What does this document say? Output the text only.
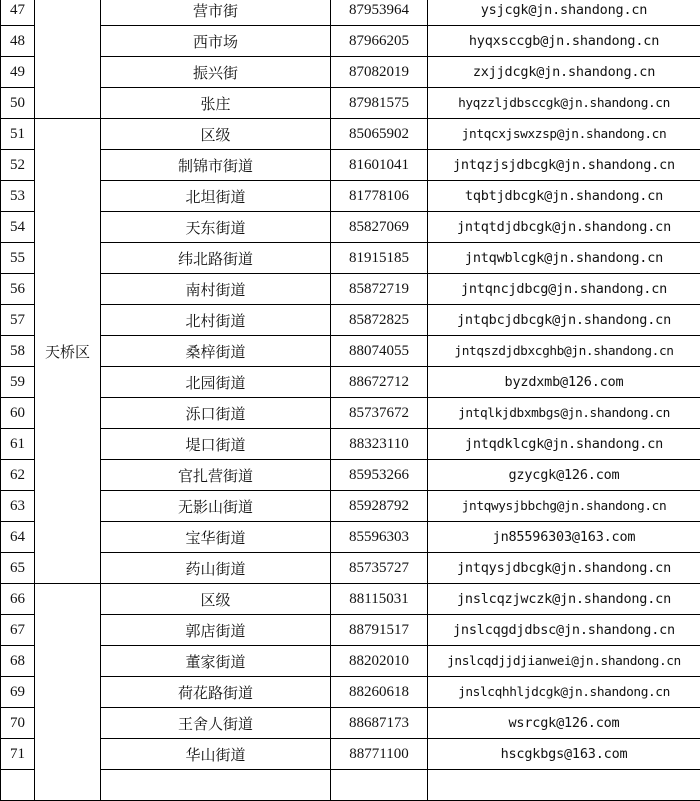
47		营市街	87953964	ysjcgk@jn.shandong.cn
48		西市场	87966205	hyqxsccgb@jn.shandong.cn
49		振兴街	87082019	zxjjdcgk@jn.shandong.cn
50		张庄	87981575	hyqzzljdbsccgk@jn.shandong.cn
51	天桥区	区级	85065902	jntqcxjswxzsp@jn.shandong.cn
52		制锦市街道	81601041	jntqzjsjdbcgk@jn.shandong.cn
53		北坦街道	81778106	tqbtjdbcgk@jn.shandong.cn
54		天东街道	85827069	jntqtdjdbcgk@jn.shandong.cn
55		纬北路街道	81915185	jntqwblcgk@jn.shandong.cn
56		南村街道	85872719	jntqncjdbcg@jn.shandong.cn
57		北村街道	85872825	jntqbcjdbcgk@jn.shandong.cn
58		桑梓街道	88074055	jntqszdjdbxcghb@jn.shandong.cn
59		北园街道	88672712	byzdxmb@126.com
60		泺口街道	85737672	jntqlkjdbxmbgs@jn.shandong.cn
61		堤口街道	88323110	jntqdklcgk@jn.shandong.cn
62		官扎营街道	85953266	gzycgk@126.com
63		无影山街道	85928792	jntqwysjbbchg@jn.shandong.cn
64		宝华街道	85596303	jn85596303@163.com
65		药山街道	85735727	jntqysjdbcgk@jn.shandong.cn
66		区级	88115031	jnslcqzjwczk@jn.shandong.cn
67		郭店街道	88791517	jnslcqgdjdbsc@jn.shandong.cn
68		董家街道	88202010	jnslcqdjjdjianwei@jn.shandong.cn
69		荷花路街道	88260618	jnslcqhhljdcgk@jn.shandong.cn
70		王舍人街道	88687173	wsrcgk@126.com
71		华山街道	88771100	hscgkbgs@163.com
